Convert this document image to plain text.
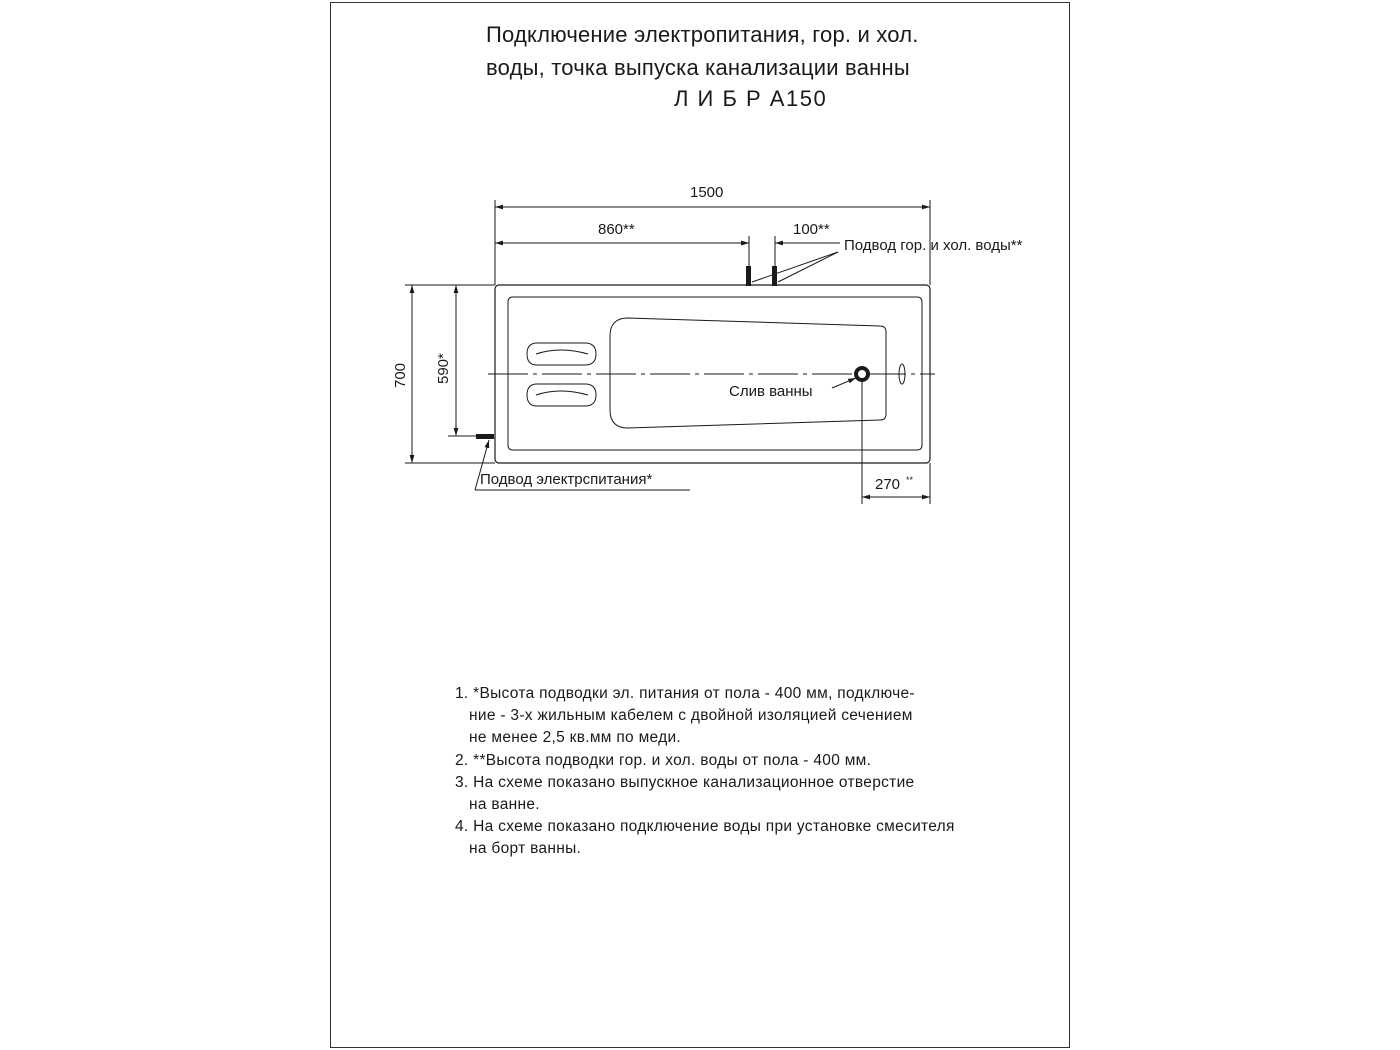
Подключение электропитания, гор. и хол.
воды, точка выпуска канализации ванны
Л И Б Р А150
1500
860**	100**
Подвод гор. и хол. воды**
Слив ванны
700 590*
Подвод электрспитания*	270 **
1. *Высота подводки эл. питания от пола - 400 мм, подключе-
ние - 3-х жильным кабелем с двойной изоляцией сечением
не менее 2,5 кв.мм по меди.
2. **Высота подводки гор. и хол. воды от пола - 400 мм.
3. На схеме показано выпускное канализационное отверстие
на ванне.
4. На схеме показано подключение воды при установке смесителя
на борт ванны.
